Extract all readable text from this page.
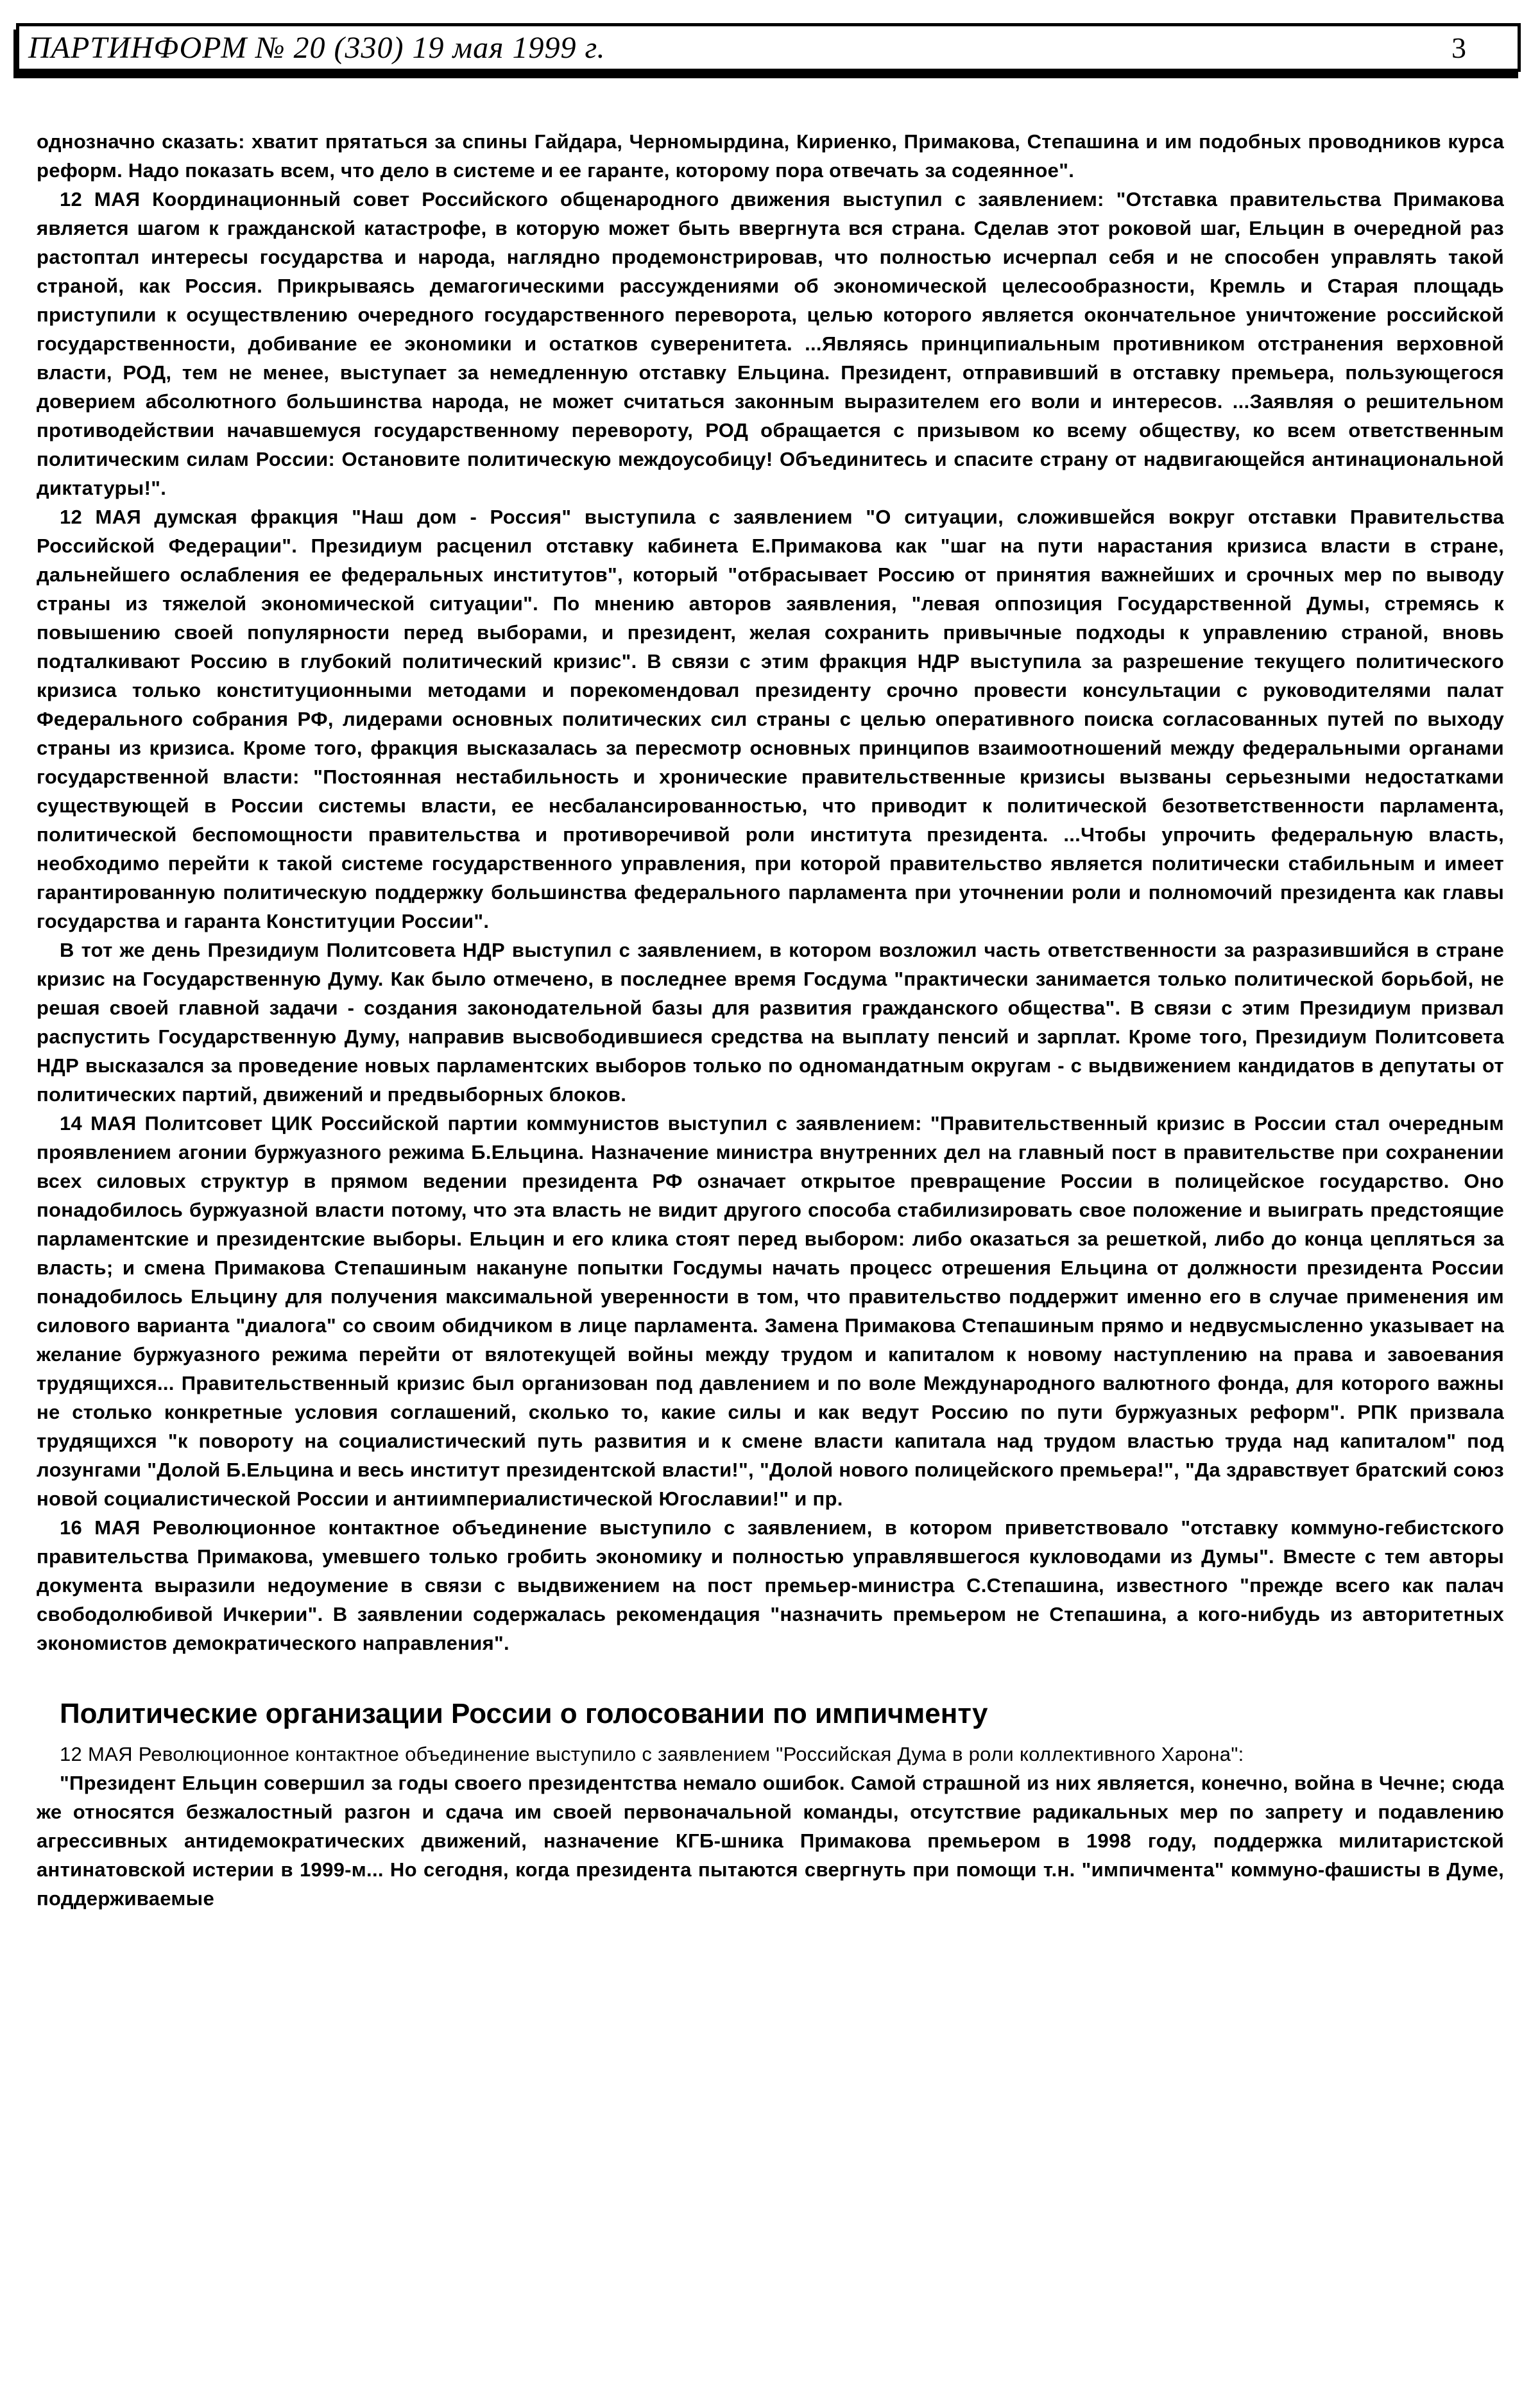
ПАРТИНФОРМ № 20 (330) 19 мая 1999 г.	3

однозначно сказать: хватит прятаться за спины Гайдара, Черномырдина, Кириенко, Примакова, Степашина и им подобных проводников курса реформ. Надо показать всем, что дело в системе и ее гаранте, которому пора отвечать за содеянное".

12 МАЯ Координационный совет Российского общенародного движения выступил с заявлением: "Отставка правительства Примакова является шагом к гражданской катастрофе, в которую может быть ввергнута вся страна. Сделав этот роковой шаг, Ельцин в очередной раз растоптал интересы государства и народа, наглядно продемонстрировав, что полностью исчерпал себя и не способен управлять такой страной, как Россия. Прикрываясь демагогическими рассуждениями об экономической целесообразности, Кремль и Старая площадь приступили к осуществлению очередного государственного переворота, целью которого является окончательное уничтожение российской государственности, добивание ее экономики и остатков суверенитета. ...Являясь принципиальным противником отстранения верховной власти, РОД, тем не менее, выступает за немедленную отставку Ельцина. Президент, отправивший в отставку премьера, пользующегося доверием абсолютного большинства народа, не может считаться законным выразителем его воли и интересов. ...Заявляя о решительном противодействии начавшемуся государственному перевороту, РОД обращается с призывом ко всему обществу, ко всем ответственным политическим силам России: Остановите политическую междоусобицу! Объединитесь и спасите страну от надвигающейся антинациональной диктатуры!".

12 МАЯ думская фракция "Наш дом - Россия" выступила с заявлением "О ситуации, сложившейся вокруг отставки Правительства Российской Федерации". Президиум расценил отставку кабинета Е.Примакова как "шаг на пути нарастания кризиса власти в стране, дальнейшего ослабления ее федеральных институтов", который "отбрасывает Россию от принятия важнейших и срочных мер по выводу страны из тяжелой экономической ситуации". По мнению авторов заявления, "левая оппозиция Государственной Думы, стремясь к повышению своей популярности перед выборами, и президент, желая сохранить привычные подходы к управлению страной, вновь подталкивают Россию в глубокий политический кризис". В связи с этим фракция НДР выступила за разрешение текущего политического кризиса только конституционными методами и порекомендовал президенту срочно провести консультации с руководителями палат Федерального собрания РФ, лидерами основных политических сил страны с целью оперативного поиска согласованных путей по выходу страны из кризиса. Кроме того, фракция высказалась за пересмотр основных принципов взаимоотношений между федеральными органами государственной власти: "Постоянная нестабильность и хронические правительственные кризисы вызваны серьезными недостатками существующей в России системы власти, ее несбалансированностью, что приводит к политической безответственности парламента, политической беспомощности правительства и противоречивой роли института президента. ...Чтобы упрочить федеральную власть, необходимо перейти к такой системе государственного управления, при которой правительство является политически стабильным и имеет гарантированную политическую поддержку большинства федерального парламента при уточнении роли и полномочий президента как главы государства и гаранта Конституции России".

В тот же день Президиум Политсовета НДР выступил с заявлением, в котором возложил часть ответственности за разразившийся в стране кризис на Государственную Думу. Как было отмечено, в последнее время Госдума "практически занимается только политической борьбой, не решая своей главной задачи - создания законодательной базы для развития гражданского общества". В связи с этим Президиум призвал распустить Государственную Думу, направив высвободившиеся средства на выплату пенсий и зарплат. Кроме того, Президиум Политсовета НДР высказался за проведение новых парламентских выборов только по одномандатным округам - с выдвижением кандидатов в депутаты от политических партий, движений и предвыборных блоков.

14 МАЯ Политсовет ЦИК Российской партии коммунистов выступил с заявлением: "Правительственный кризис в России стал очередным проявлением агонии буржуазного режима Б.Ельцина. Назначение министра внутренних дел на главный пост в правительстве при сохранении всех силовых структур в прямом ведении президента РФ означает открытое превращение России в полицейское государство. Оно понадобилось буржуазной власти потому, что эта власть не видит другого способа стабилизировать свое положение и выиграть предстоящие парламентские и президентские выборы. Ельцин и его клика стоят перед выбором: либо оказаться за решеткой, либо до конца цепляться за власть; и смена Примакова Степашиным накануне попытки Госдумы начать процесс отрешения Ельцина от должности президента России понадобилось Ельцину для получения максимальной уверенности в том, что правительство поддержит именно его в случае применения им силового варианта "диалога" со своим обидчиком в лице парламента. Замена Примакова Степашиным прямо и недвусмысленно указывает на желание буржуазного режима перейти от вялотекущей войны между трудом и капиталом к новому наступлению на права и завоевания трудящихся... Правительственный кризис был организован под давлением и по воле Международного валютного фонда, для которого важны не столько конкретные условия соглашений, сколько то, какие силы и как ведут Россию по пути буржуазных реформ". РПК призвала трудящихся "к повороту на социалистический путь развития и к смене власти капитала над трудом властью труда над капиталом" под лозунгами "Долой Б.Ельцина и весь институт президентской власти!", "Долой нового полицейского премьера!", "Да здравствует братский союз новой социалистической России и антиимпериалистической Югославии!" и пр.

16 МАЯ Революционное контактное объединение выступило с заявлением, в котором приветствовало "отставку коммуно-гебистского правительства Примакова, умевшего только гробить экономику и полностью управлявшегося кукловодами из Думы". Вместе с тем авторы документа выразили недоумение в связи с выдвижением на пост премьер-министра С.Степашина, известного "прежде всего как палач свободолюбивой Ичкерии". В заявлении содержалась рекомендация "назначить премьером не Степашина, а кого-нибудь из авторитетных экономистов демократического направления".

Политические организации России о голосовании по импичменту

12 МАЯ Революционное контактное объединение выступило с заявлением "Российская Дума в роли коллективного Харона":

"Президент Ельцин совершил за годы своего президентства немало ошибок. Самой страшной из них является, конечно, война в Чечне; сюда же относятся безжалостный разгон и сдача им своей первоначальной команды, отсутствие радикальных мер по запрету и подавлению агрессивных антидемократических движений, назначение КГБ-шника Примакова премьером в 1998 году, поддержка милитаристской антинатовской истерии в 1999-м... Но сегодня, когда президента пытаются свергнуть при помощи т.н. "импичмента" коммуно-фашисты в Думе, поддерживаемые
